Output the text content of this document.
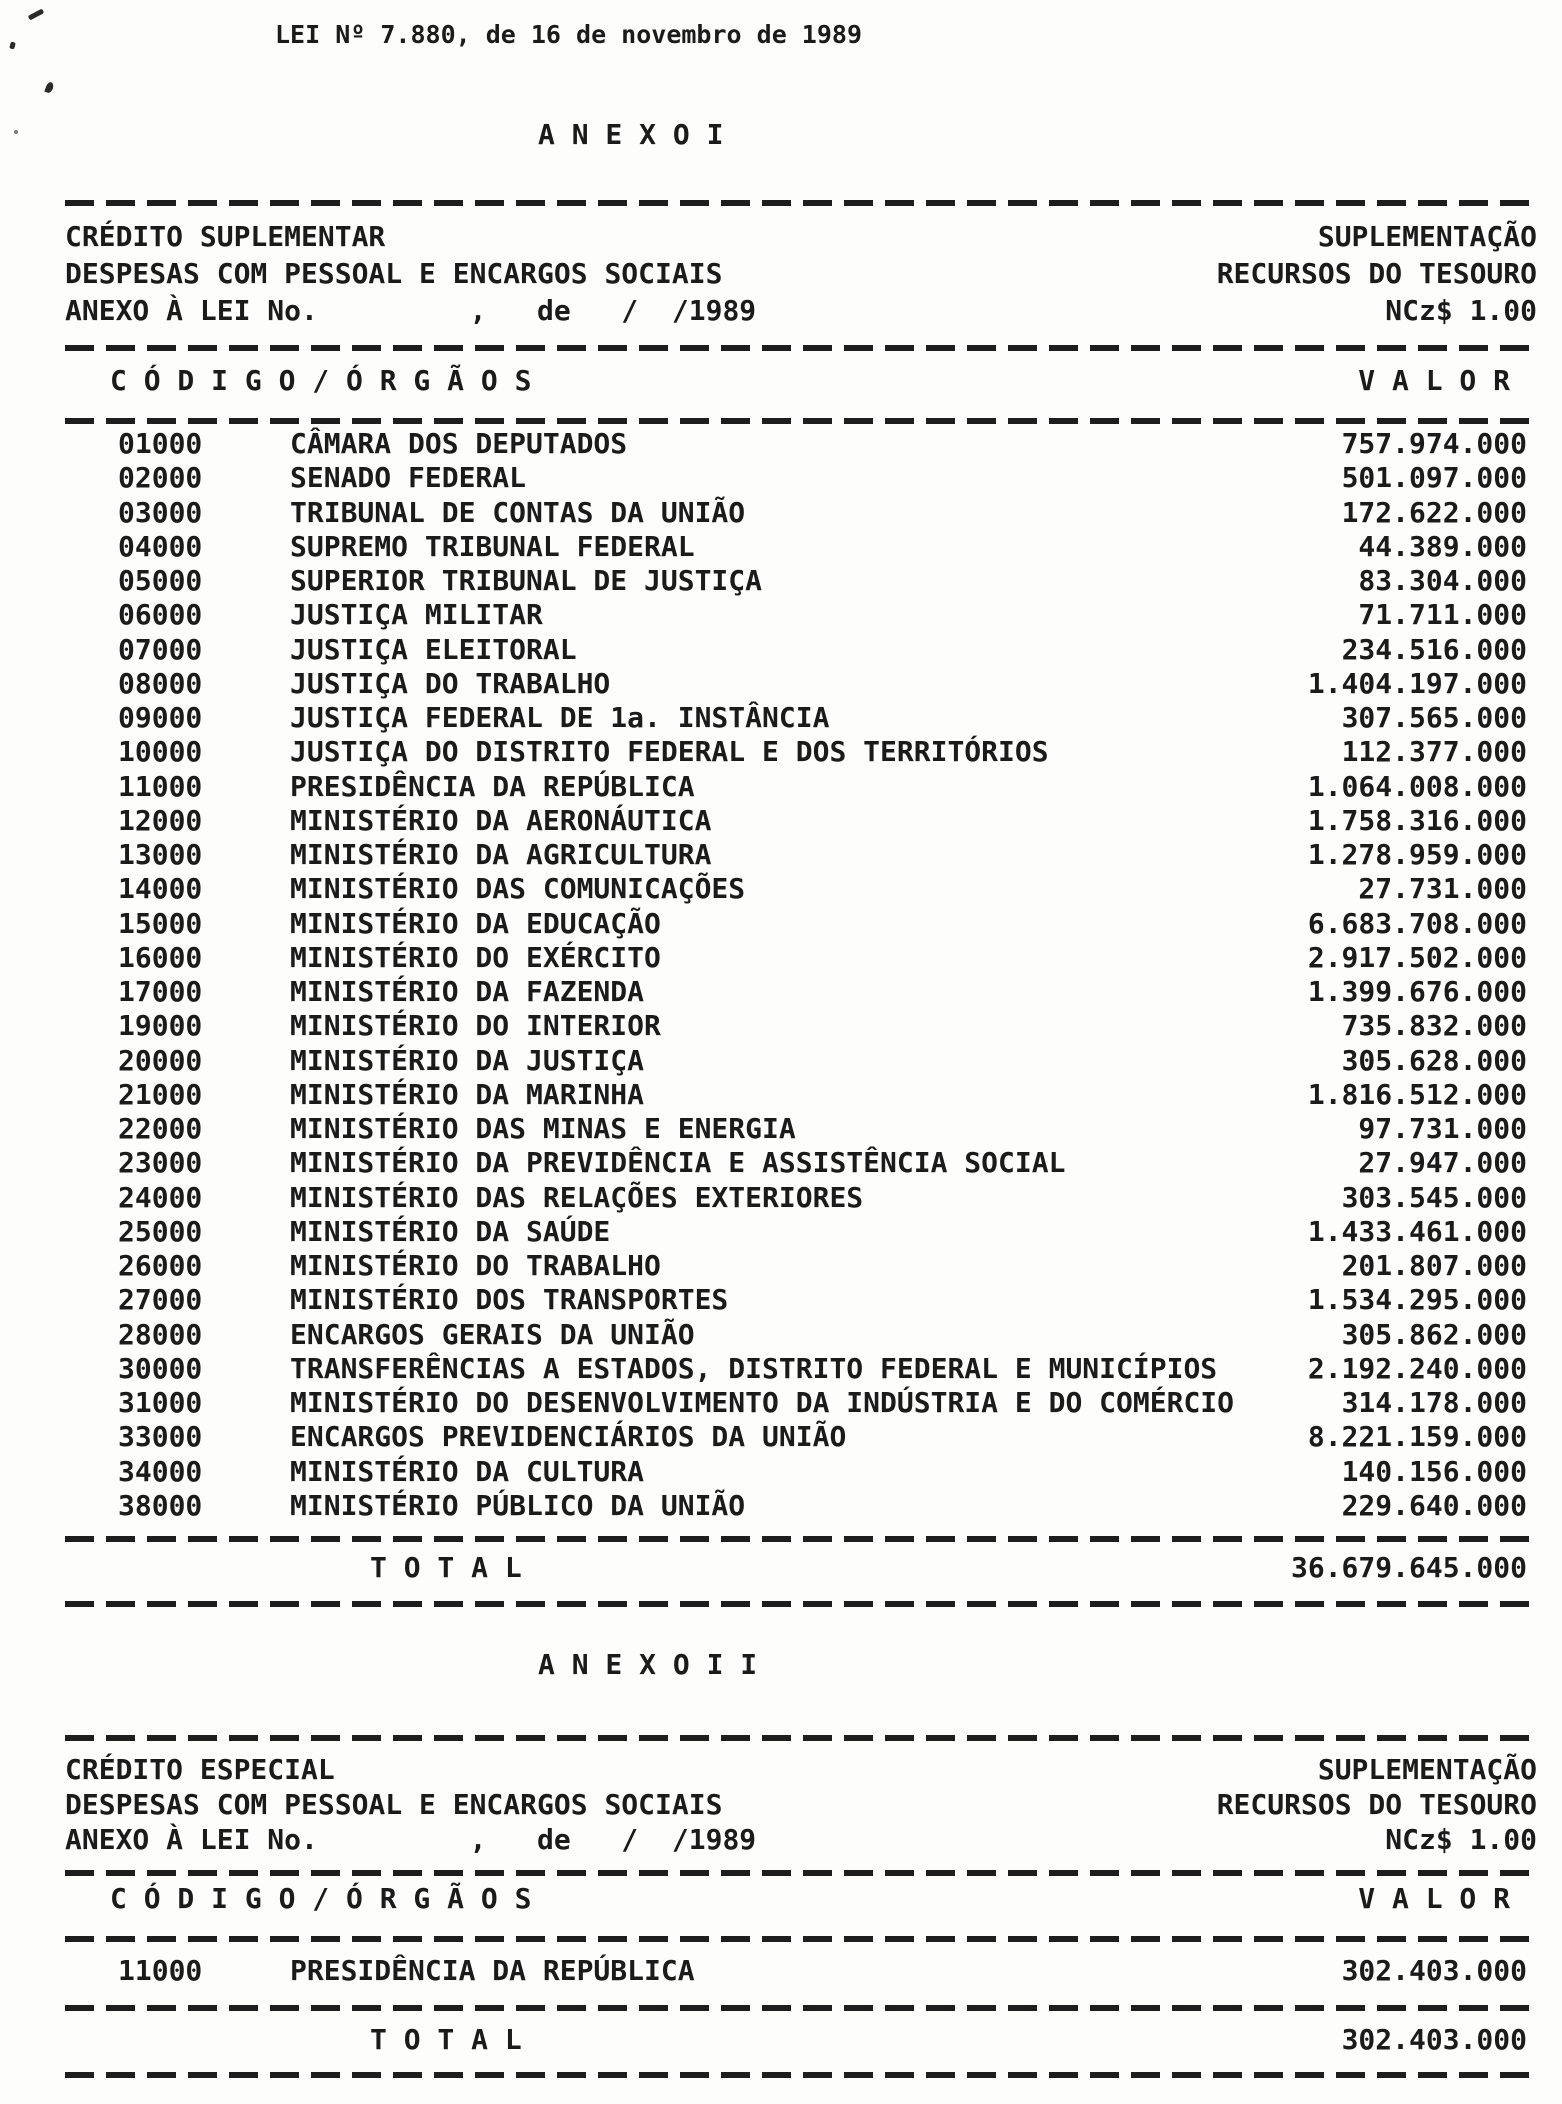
LEI Nº 7.880, de 16 de novembro de 1989
A N E X O I
CRÉDITO SUPLEMENTAR	SUPLEMENTAÇÃO
DESPESAS COM PESSOAL E ENCARGOS SOCIAIS	RECURSOS DO TESOURO
ANEXO À LEI No.         ,   de   /  /1989	NCz$ 1.00
C Ó D I G O / Ó R G Ã O S	V A L O R
01000	CÂMARA DOS DEPUTADOS	757.974.000
02000	SENADO FEDERAL	501.097.000
03000	TRIBUNAL DE CONTAS DA UNIÃO	172.622.000
04000	SUPREMO TRIBUNAL FEDERAL	44.389.000
05000	SUPERIOR TRIBUNAL DE JUSTIÇA	83.304.000
06000	JUSTIÇA MILITAR	71.711.000
07000	JUSTIÇA ELEITORAL	234.516.000
08000	JUSTIÇA DO TRABALHO	1.404.197.000
09000	JUSTIÇA FEDERAL DE 1a. INSTÂNCIA	307.565.000
10000	JUSTIÇA DO DISTRITO FEDERAL E DOS TERRITÓRIOS	112.377.000
11000	PRESIDÊNCIA DA REPÚBLICA	1.064.008.000
12000	MINISTÉRIO DA AERONÁUTICA	1.758.316.000
13000	MINISTÉRIO DA AGRICULTURA	1.278.959.000
14000	MINISTÉRIO DAS COMUNICAÇÕES	27.731.000
15000	MINISTÉRIO DA EDUCAÇÃO	6.683.708.000
16000	MINISTÉRIO DO EXÉRCITO	2.917.502.000
17000	MINISTÉRIO DA FAZENDA	1.399.676.000
19000	MINISTÉRIO DO INTERIOR	735.832.000
20000	MINISTÉRIO DA JUSTIÇA	305.628.000
21000	MINISTÉRIO DA MARINHA	1.816.512.000
22000	MINISTÉRIO DAS MINAS E ENERGIA	97.731.000
23000	MINISTÉRIO DA PREVIDÊNCIA E ASSISTÊNCIA SOCIAL	27.947.000
24000	MINISTÉRIO DAS RELAÇÕES EXTERIORES	303.545.000
25000	MINISTÉRIO DA SAÚDE	1.433.461.000
26000	MINISTÉRIO DO TRABALHO	201.807.000
27000	MINISTÉRIO DOS TRANSPORTES	1.534.295.000
28000	ENCARGOS GERAIS DA UNIÃO	305.862.000
30000	TRANSFERÊNCIAS A ESTADOS, DISTRITO FEDERAL E MUNICÍPIOS	2.192.240.000
31000	MINISTÉRIO DO DESENVOLVIMENTO DA INDÚSTRIA E DO COMÉRCIO	314.178.000
33000	ENCARGOS PREVIDENCIÁRIOS DA UNIÃO	8.221.159.000
34000	MINISTÉRIO DA CULTURA	140.156.000
38000	MINISTÉRIO PÚBLICO DA UNIÃO	229.640.000
T O T A L	36.679.645.000
A N E X O I I
CRÉDITO ESPECIAL	SUPLEMENTAÇÃO
DESPESAS COM PESSOAL E ENCARGOS SOCIAIS	RECURSOS DO TESOURO
ANEXO À LEI No.         ,   de   /  /1989	NCz$ 1.00
C Ó D I G O / Ó R G Ã O S	V A L O R
11000	PRESIDÊNCIA DA REPÚBLICA	302.403.000
T O T A L	302.403.000
